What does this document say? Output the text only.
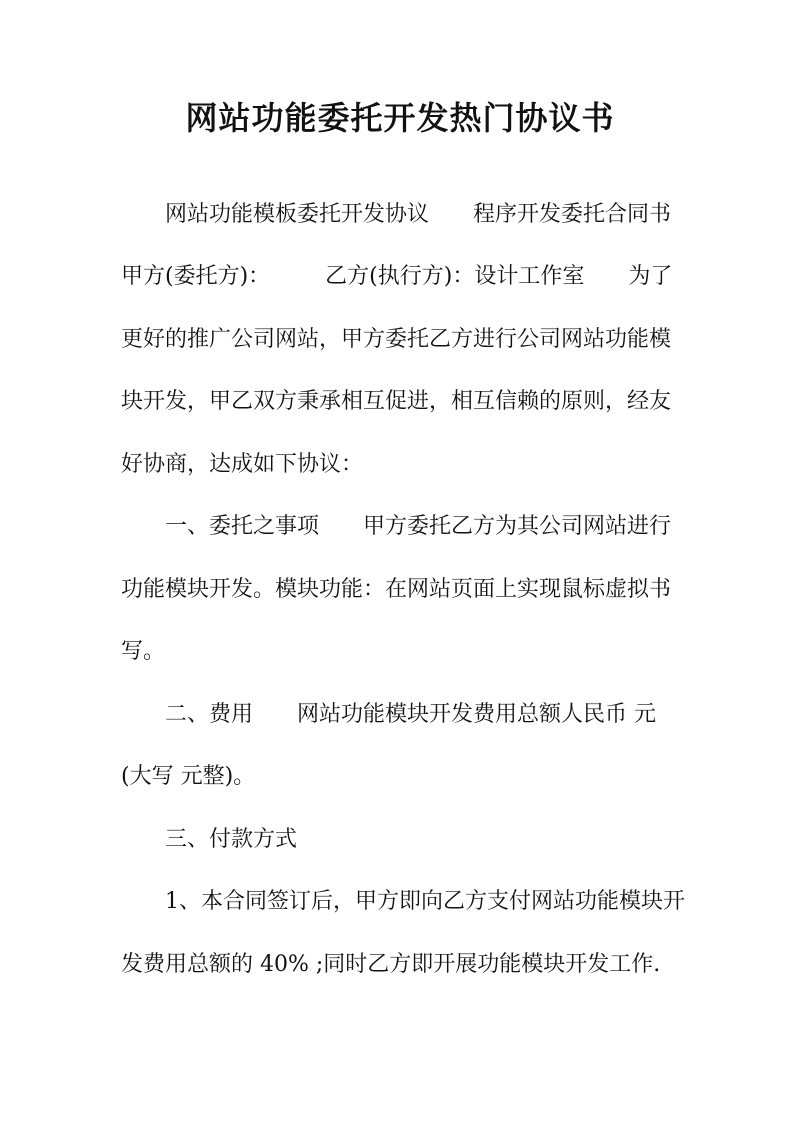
网站功能委托开发热门协议书
　　网站功能模板委托开发协议　　程序开发委托合同书
甲方(委托方)：　　　乙方(执行方)：设计工作室　　为了
更好的推广公司网站，甲方委托乙方进行公司网站功能模
块开发，甲乙双方秉承相互促进，相互信赖的原则，经友
好协商，达成如下协议：
　　一、委托之事项　　甲方委托乙方为其公司网站进行
功能模块开发。模块功能：在网站页面上实现鼠标虚拟书
写。
　　二、费用　　网站功能模块开发费用总额人民币 元
(大写 元整)。
　　三、付款方式
　　1、本合同签订后，甲方即向乙方支付网站功能模块开
发费用总额的 40% ;同时乙方即开展功能模块开发工作.
